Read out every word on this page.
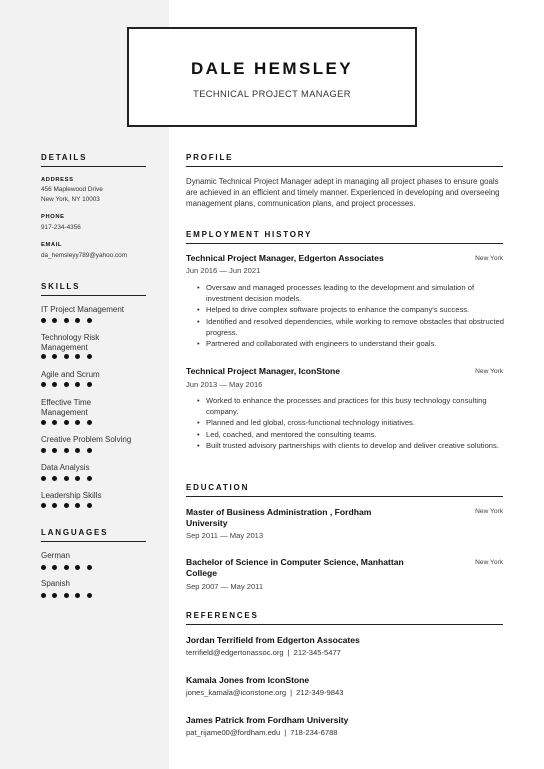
DALE HEMSLEY
TECHNICAL PROJECT MANAGER
DETAILS
ADDRESS
456 Maplewood Drive
New York, NY 10003
PHONE
917-234-4356
EMAIL
da_hemsleyy789@yahoo.com
SKILLS
IT Project Management
Technology Risk Management
Agile and Scrum
Effective Time Management
Creative Problem Solving
Data Analysis
Leadership Skills
LANGUAGES
German
Spanish
PROFILE
Dynamic Technical Project Manager adept in managing all project phases to ensure goals are achieved in an efficient and timely manner. Experienced in developing and overseeing management plans, communication plans, and project processes.
EMPLOYMENT HISTORY
Technical Project Manager, Edgerton Associates	New York
Jun 2016 — Jun 2021
• Oversaw and managed processes leading to the development and simulation of investment decision models.
• Helped to drive complex software projects to enhance the company's success.
• Identified and resolved dependencies, while working to remove obstacles that obstructed progress.
• Partnered and collaborated with engineers to understand their goals.
Technical Project Manager, IconStone	New York
Jun 2013 — May 2016
• Worked to enhance the processes and practices for this busy technology consulting company.
• Planned and led global, cross-functional technology initiatives.
• Led, coached, and mentored the consulting teams.
• Built trusted advisory partnerships with clients to develop and deliver creative solutions.
EDUCATION
Master of Business Administration , Fordham University
New York
Sep 2011 — May 2013
Bachelor of Science in Computer Science, Manhattan College
New York
Sep 2007 — May 2011
REFERENCES
Jordan Terrifield from Edgerton Assocates
terrifield@edgertonassoc.org | 212-345-5477
Kamala Jones from IconStone
jones_kamala@iconstone.org | 212-349-9843
James Patrick from Fordham University
pat_rijame00@fordham.edu | 718-234-6788
